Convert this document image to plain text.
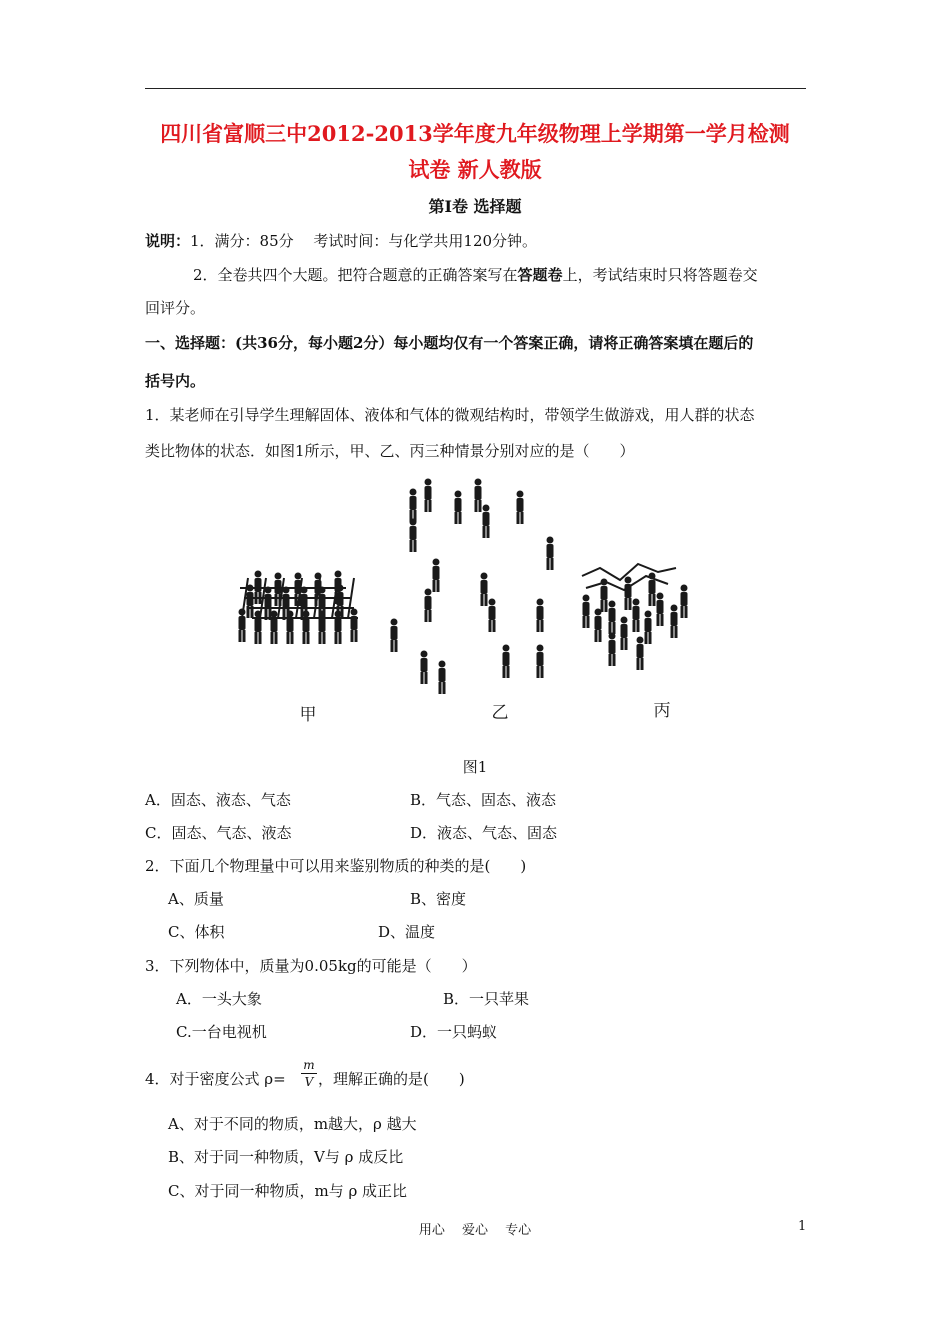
四川省富顺三中2012-2013学年度九年级物理上学期第一学月检测
试卷 新人教版
第Ⅰ卷 选择题
说明：1．满分：85分　 考试时间：与化学共用120分钟。
2．全卷共四个大题。把符合题意的正确答案写在答题卷上，考试结束时只将答题卷交
回评分。
一、选择题：(共36分，每小题2分）每小题均仅有一个答案正确，请将正确答案填在题后的
括号内。
1．某老师在引导学生理解固体、液体和气体的微观结构时，带领学生做游戏，用人群的状态
类比物体的状态．如图1所示，甲、乙、丙三种情景分别对应的是（　　）
甲	乙	丙
图1
A．固态、液态、气态	B．气态、固态、液态
C．固态、气态、液态	D．液态、气态、固态
2．下面几个物理量中可以用来鉴别物质的种类的是(　　)
A、质量	B、密度
C、体积	D、温度
3．下列物体中，质量为0.05kg的可能是（　　）
A．一头大象	B．一只苹果
C.一台电视机	D．一只蚂蚁
4．对于密度公式 ρ=
m
V ，理解正确的是(　　)
A、对于不同的物质，m越大，ρ 越大
B、对于同一种物质，V与 ρ 成反比
C、对于同一种物质，m与 ρ 成正比
用心　 爱心　 专心	1
